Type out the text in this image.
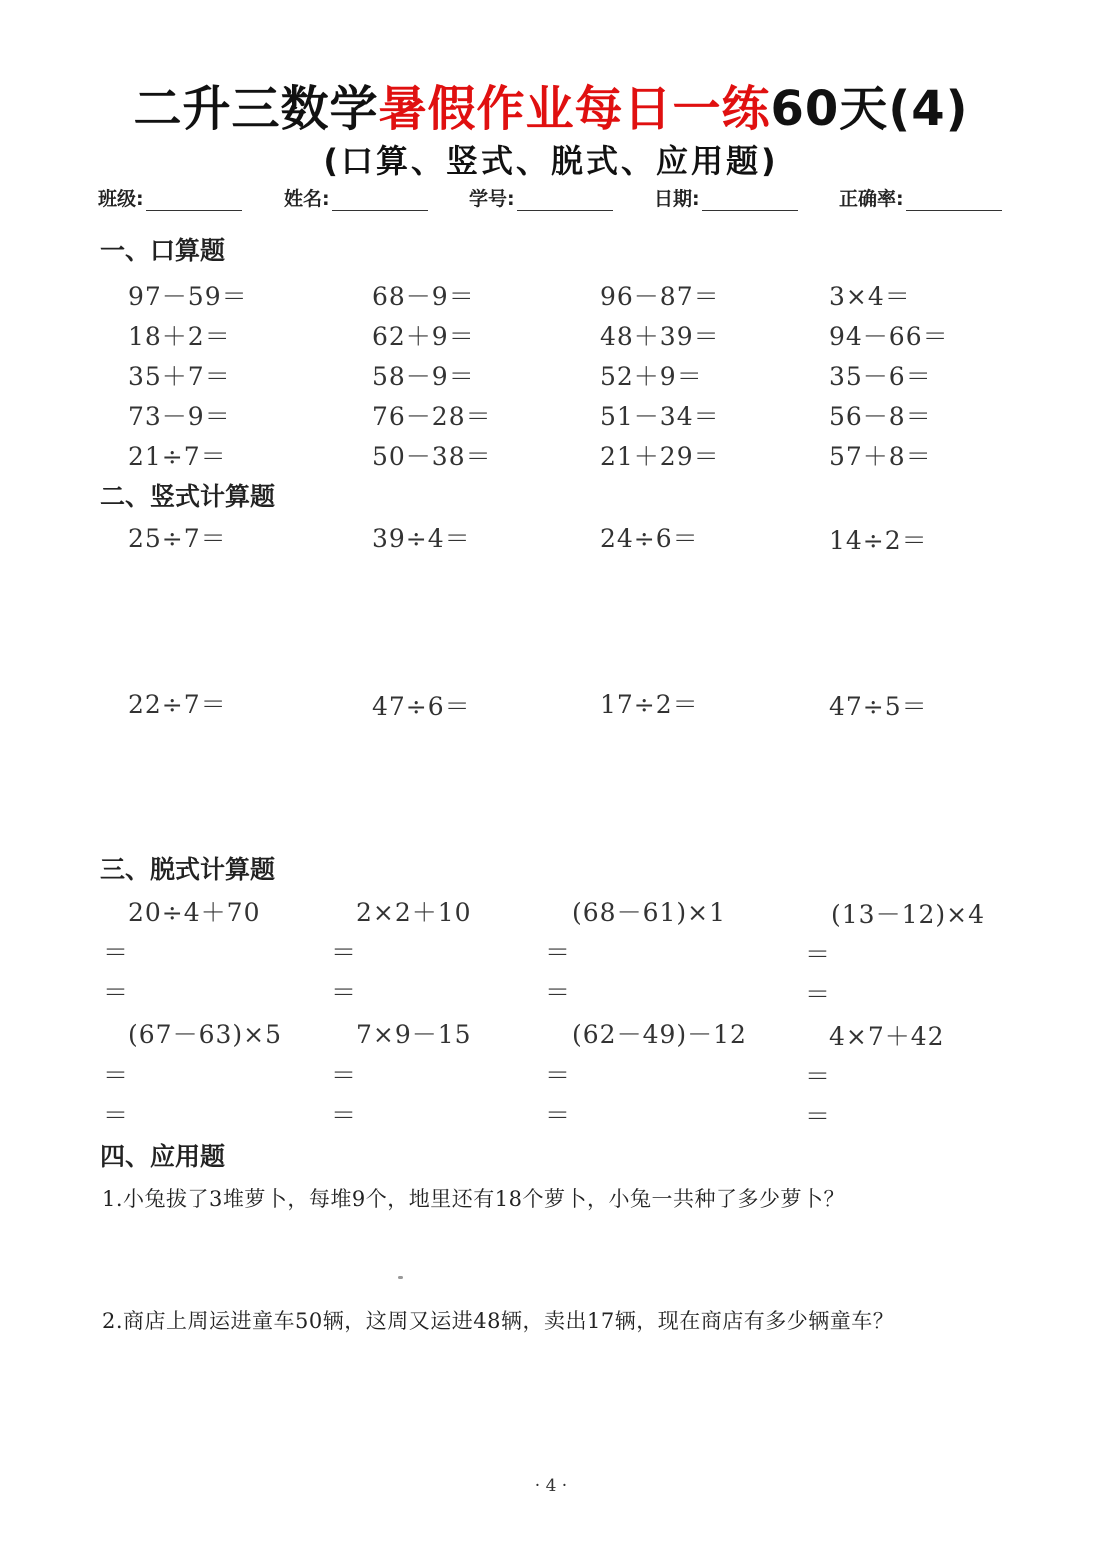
二升三数学暑假作业每日一练60天(4)
(口算、竖式、脱式、应用题)
班级:	姓名:	学号:	日期:	正确率:
一、口算题
97－59＝	68－9＝	96－87＝	3×4＝
18＋2＝	62＋9＝	48＋39＝	94－66＝
35＋7＝	58－9＝	52＋9＝	35－6＝
73－9＝	76－28＝	51－34＝	56－8＝
21÷7＝	50－38＝	21＋29＝	57＋8＝
二、竖式计算题
25÷7＝	39÷4＝	24÷6＝	14÷2＝
22÷7＝	47÷6＝	17÷2＝	47÷5＝
三、脱式计算题
20÷4＋70	2×2＋10	(68－61)×1	(13－12)×4
＝	＝	＝	＝
＝	＝	＝	＝
(67－63)×5	7×9－15	(62－49)－12	4×7＋42
＝	＝	＝	＝
＝	＝	＝	＝
四、应用题
1.小兔拔了3堆萝卜，每堆9个，地里还有18个萝卜，小兔一共种了多少萝卜？
2.商店上周运进童车50辆，这周又运进48辆，卖出17辆，现在商店有多少辆童车？
· 4 ·
